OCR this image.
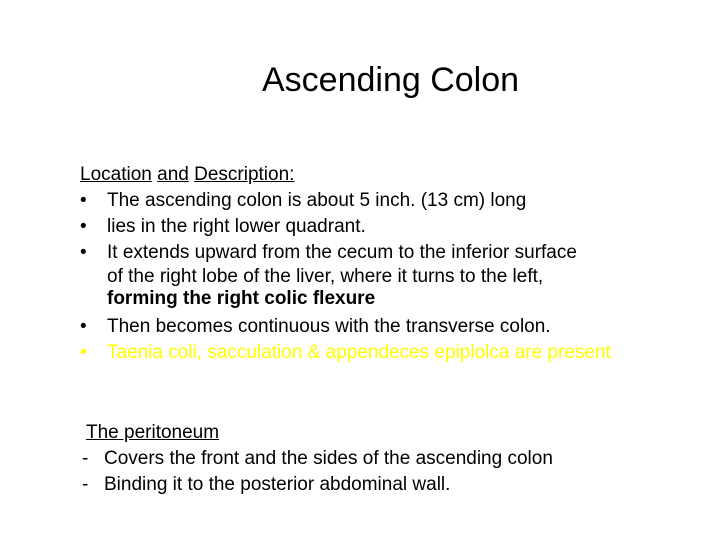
Ascending Colon
Location and Description:
•	The ascending colon is about 5 inch. (13 cm) long
•	lies in the right lower quadrant.
•	It extends upward from the cecum to the inferior surface
of the right lobe of the liver, where it turns to the left,
forming the right colic flexure
•	Then becomes continuous with the transverse colon.
•	Taenia coli, sacculation & appendeces epiplolca are present
The peritoneum
- Covers the front and the sides of the ascending colon
- Binding it to the posterior abdominal wall.
